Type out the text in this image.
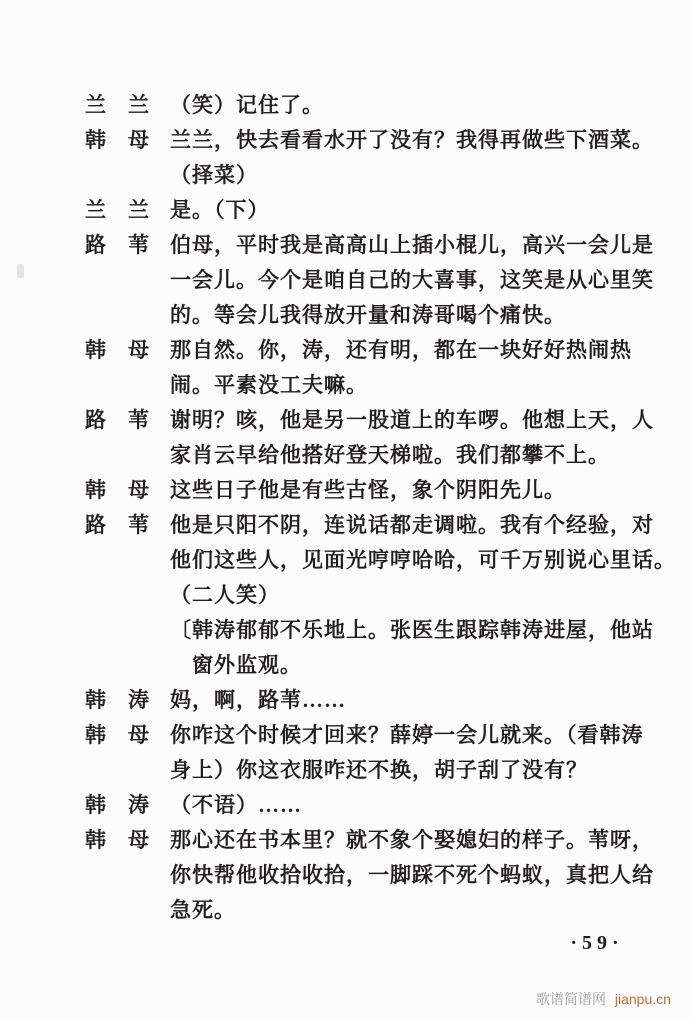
兰 兰 （笑）记住了。
韩 母 兰兰，快去看看水开了没有？我得再做些下酒菜。
（择菜）
兰 兰 是。（下）
路 苇 伯母，平时我是高高山上插小棍儿，高兴一会儿是
一会儿。今个是咱自己的大喜事，这笑是从心里笑
的。等会儿我得放开量和涛哥喝个痛快。
韩 母 那自然。你，涛，还有明，都在一块好好热闹热
闹。平素没工夫嘛。
路 苇 谢明？咳，他是另一股道上的车啰。他想上天，人
家肖云早给他搭好登天梯啦。我们都攀不上。
韩 母 这些日子他是有些古怪，象个阴阳先儿。
路 苇 他是只阳不阴，连说话都走调啦。我有个经验，对
他们这些人，见面光哼哼哈哈，可千万别说心里话。
（二人笑）
〔韩涛郁郁不乐地上。张医生跟踪韩涛进屋，他站
窗外监观。
韩 涛 妈，啊，路苇……
韩 母 你咋这个时候才回来？薛婷一会儿就来。（看韩涛
身上）你这衣服咋还不换，胡子刮了没有？
韩 涛 （不语）……
韩 母 那心还在书本里？就不象个娶媳妇的样子。苇呀，
你快帮他收拾收拾，一脚踩不死个蚂蚁，真把人给
急死。
·59·
歌谱简谱网 jianpu.cn
